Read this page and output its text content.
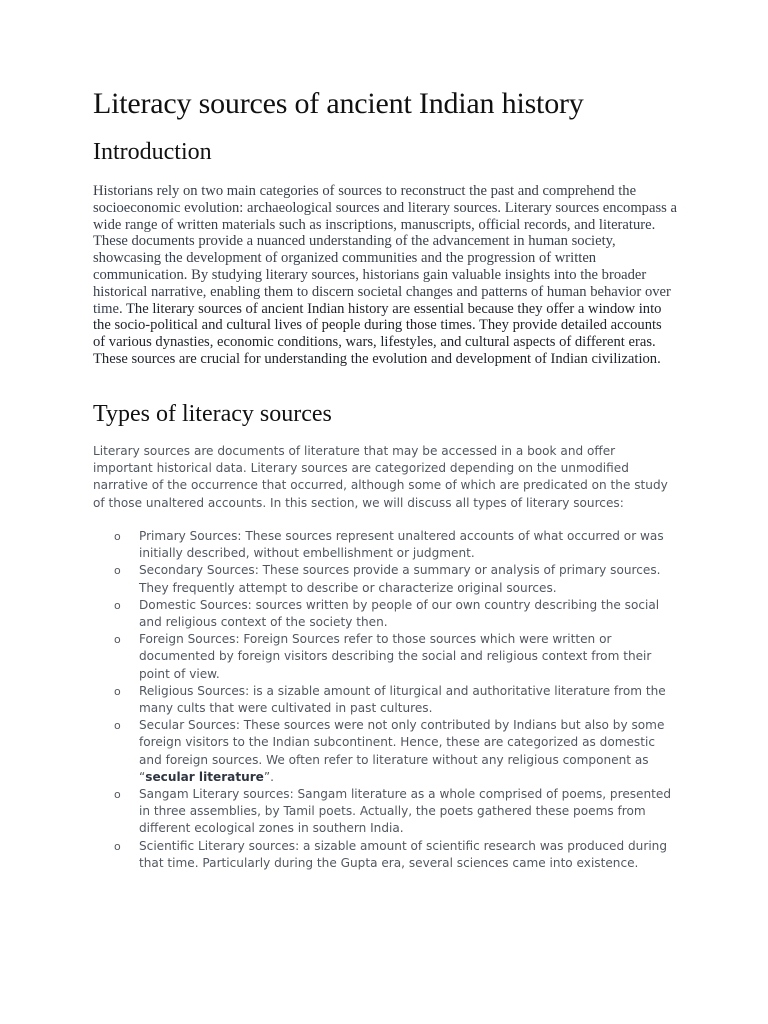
Literacy sources of ancient Indian history
Introduction

Historians rely on two main categories of sources to reconstruct the past and comprehend the socioeconomic evolution: archaeological sources and literary sources. Literary sources encompass a wide range of written materials such as inscriptions, manuscripts, official records, and literature. These documents provide a nuanced understanding of the advancement in human society, showcasing the development of organized communities and the progression of written communication. By studying literary sources, historians gain valuable insights into the broader historical narrative, enabling them to discern societal changes and patterns of human behavior over time. The literary sources of ancient Indian history are essential because they offer a window into the socio-political and cultural lives of people during those times. They provide detailed accounts of various dynasties, economic conditions, wars, lifestyles, and cultural aspects of different eras. These sources are crucial for understanding the evolution and development of Indian civilization.

Types of literacy sources

Literary sources are documents of literature that may be accessed in a book and offer important historical data. Literary sources are categorized depending on the unmodified narrative of the occurrence that occurred, although some of which are predicated on the study of those unaltered accounts. In this section, we will discuss all types of literary sources:

o Primary Sources: These sources represent unaltered accounts of what occurred or was initially described, without embellishment or judgment.
o Secondary Sources: These sources provide a summary or analysis of primary sources. They frequently attempt to describe or characterize original sources.
o Domestic Sources: sources written by people of our own country describing the social and religious context of the society then.
o Foreign Sources: Foreign Sources refer to those sources which were written or documented by foreign visitors describing the social and religious context from their point of view.
o Religious Sources: is a sizable amount of liturgical and authoritative literature from the many cults that were cultivated in past cultures.
o Secular Sources: These sources were not only contributed by Indians but also by some foreign visitors to the Indian subcontinent. Hence, these are categorized as domestic and foreign sources. We often refer to literature without any religious component as “secular literature”.
o Sangam Literary sources: Sangam literature as a whole comprised of poems, presented in three assemblies, by Tamil poets. Actually, the poets gathered these poems from different ecological zones in southern India.
o Scientific Literary sources: a sizable amount of scientific research was produced during that time. Particularly during the Gupta era, several sciences came into existence.
